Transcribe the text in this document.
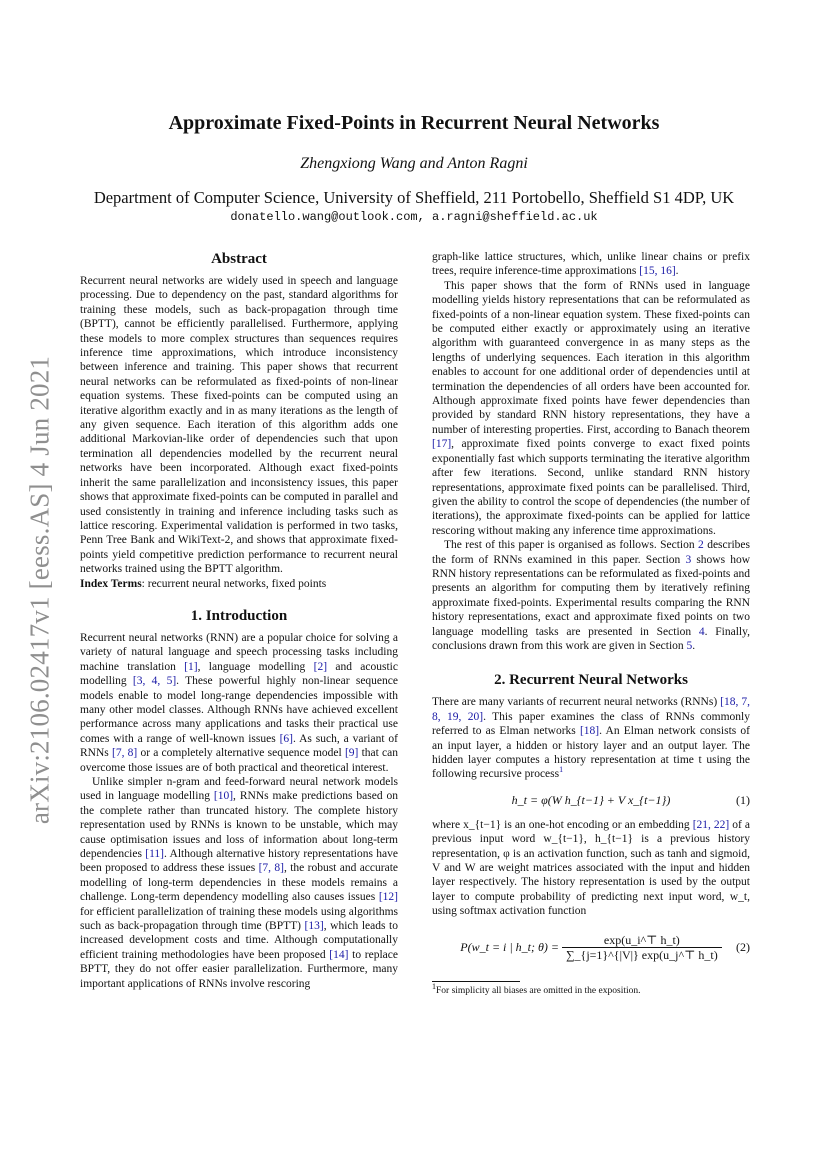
arXiv:2106.02417v1 [eess.AS] 4 Jun 2021
Approximate Fixed-Points in Recurrent Neural Networks
Zhengxiong Wang and Anton Ragni
Department of Computer Science, University of Sheffield, 211 Portobello, Sheffield S1 4DP, UK
donatello.wang@outlook.com, a.ragni@sheffield.ac.uk
Abstract

Recurrent neural networks are widely used in speech and language processing. Due to dependency on the past, standard algorithms for training these models, such as back-propagation through time (BPTT), cannot be efficiently parallelised. Furthermore, applying these models to more complex structures than sequences requires inference time approximations, which introduce inconsistency between inference and training. This paper shows that recurrent neural networks can be reformulated as fixed-points of non-linear equation systems. These fixed-points can be computed using an iterative algorithm exactly and in as many iterations as the length of any given sequence. Each iteration of this algorithm adds one additional Markovian-like order of dependencies such that upon termination all dependencies modelled by the recurrent neural networks have been incorporated. Although exact fixed-points inherit the same parallelization and inconsistency issues, this paper shows that approximate fixed-points can be computed in parallel and used consistently in training and inference including tasks such as lattice rescoring. Experimental validation is performed in two tasks, Penn Tree Bank and WikiText-2, and shows that approximate fixed-points yield competitive prediction performance to recurrent neural networks trained using the BPTT algorithm.

Index Terms: recurrent neural networks, fixed points

1. Introduction

Recurrent neural networks (RNN) are a popular choice for solving a variety of natural language and speech processing tasks including machine translation [1], language modelling [2] and acoustic modelling [3, 4, 5]. These powerful highly non-linear sequence models enable to model long-range dependencies impossible with many other model classes. Although RNNs have achieved excellent performance across many applications and tasks their practical use comes with a range of well-known issues [6]. As such, a variant of RNNs [7, 8] or a completely alternative sequence model [9] that can overcome those issues are of both practical and theoretical interest.

Unlike simpler n-gram and feed-forward neural network models used in language modelling [10], RNNs make predictions based on the complete rather than truncated history. The complete history representation used by RNNs is known to be unstable, which may cause optimisation issues and loss of information about long-term dependencies [11]. Although alternative history representations have been proposed to address these issues [7, 8], the robust and accurate modelling of long-term dependencies in these models remains a challenge. Long-term dependency modelling also causes issues [12] for efficient parallelization of training these models using algorithms such as back-propagation through time (BPTT) [13], which leads to increased development costs and time. Although computationally efficient training methodologies have been proposed [14] to replace BPTT, they do not offer easier parallelization. Furthermore, many important applications of RNNs involve rescoring

graph-like lattice structures, which, unlike linear chains or prefix trees, require inference-time approximations [15, 16].

This paper shows that the form of RNNs used in language modelling yields history representations that can be reformulated as fixed-points of a non-linear equation system. These fixed-points can be computed either exactly or approximately using an iterative algorithm with guaranteed convergence in as many steps as the lengths of underlying sequences. Each iteration in this algorithm enables to account for one additional order of dependencies until at termination the dependencies of all orders have been accounted for. Although approximate fixed points have fewer dependencies than provided by standard RNN history representations, they have a number of interesting properties. First, according to Banach theorem [17], approximate fixed points converge to exact fixed points exponentially fast which supports terminating the iterative algorithm after few iterations. Second, unlike standard RNN history representations, approximate fixed points can be parallelised. Third, given the ability to control the scope of dependencies (the number of iterations), the approximate fixed-points can be applied for lattice rescoring without making any inference time approximations.

The rest of this paper is organised as follows. Section 2 describes the form of RNNs examined in this paper. Section 3 shows how RNN history representations can be reformulated as fixed-points and presents an algorithm for computing them by iteratively refining approximate fixed-points. Experimental results comparing the RNN history representations, exact and approximate fixed points on two language modelling tasks are presented in Section 4. Finally, conclusions drawn from this work are given in Section 5.

2. Recurrent Neural Networks

There are many variants of recurrent neural networks (RNNs) [18, 7, 8, 19, 20]. This paper examines the class of RNNs commonly referred to as Elman networks [18]. An Elman network consists of an input layer, a hidden or history layer and an output layer. The hidden layer computes a history representation at time t using the following recursive process$^1$

h_t = φ(W h_{t−1} + V x_{t−1})	(1)

where x_{t−1} is an one-hot encoding or an embedding [21, 22] of a previous input word w_{t−1}, h_{t−1} is a previous history representation, φ is an activation function, such as tanh and sigmoid, V and W are weight matrices associated with the input and hidden layer respectively. The history representation is used by the output layer to compute probability of predicting next input word, w_t, using softmax activation function

P(w_t = i | h_t; $\theta) = \frac{\exp(u\_i\^{}⊤ h\_t)}{\sum\_\{j=1\}\^{}\{|V|\} \exp(u\_j\^{}⊤ h\_t)} (2)$
$^1$For simplicity all biases are omitted in the exposition.
